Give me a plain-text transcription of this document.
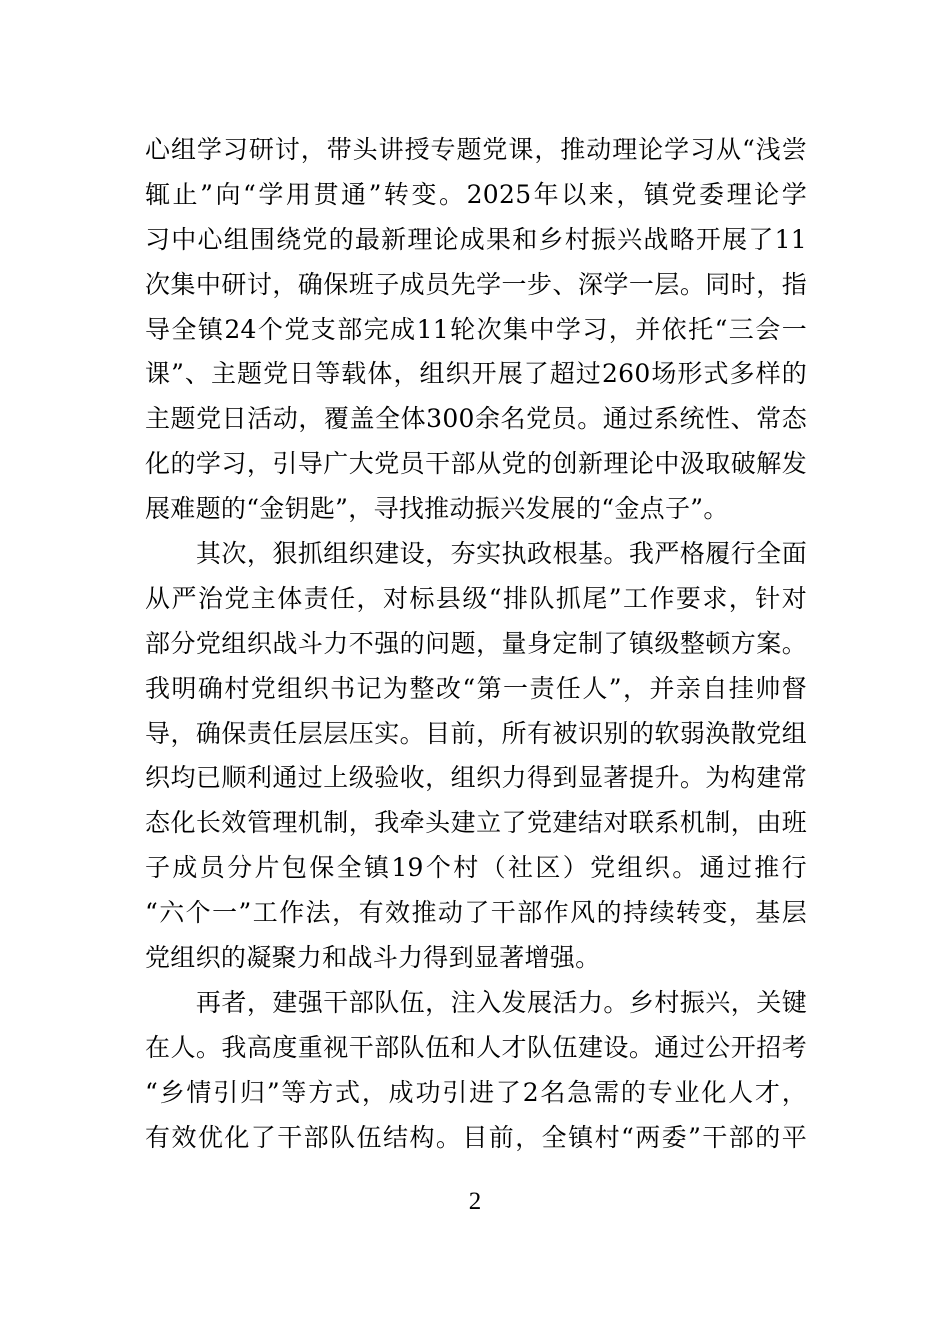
心组学习研讨，带头讲授专题党课，推动理论学习从“浅尝
辄止”向“学用贯通”转变。2025年以来，镇党委理论学
习中心组围绕党的最新理论成果和乡村振兴战略开展了11
次集中研讨，确保班子成员先学一步、深学一层。同时，指
导全镇24个党支部完成11轮次集中学习，并依托“三会一
课”、主题党日等载体，组织开展了超过260场形式多样的
主题党日活动，覆盖全体300余名党员。通过系统性、常态
化的学习，引导广大党员干部从党的创新理论中汲取破解发
展难题的“金钥匙”，寻找推动振兴发展的“金点子”。
　　其次，狠抓组织建设，夯实执政根基。我严格履行全面
从严治党主体责任，对标县级“排队抓尾”工作要求，针对
部分党组织战斗力不强的问题，量身定制了镇级整顿方案。
我明确村党组织书记为整改“第一责任人”，并亲自挂帅督
导，确保责任层层压实。目前，所有被识别的软弱涣散党组
织均已顺利通过上级验收，组织力得到显著提升。为构建常
态化长效管理机制，我牵头建立了党建结对联系机制，由班
子成员分片包保全镇19个村（社区）党组织。通过推行
“六个一”工作法，有效推动了干部作风的持续转变，基层
党组织的凝聚力和战斗力得到显著增强。
　　再者，建强干部队伍，注入发展活力。乡村振兴，关键
在人。我高度重视干部队伍和人才队伍建设。通过公开招考
“乡情引归”等方式，成功引进了2名急需的专业化人才，
有效优化了干部队伍结构。目前，全镇村“两委”干部的平
2
